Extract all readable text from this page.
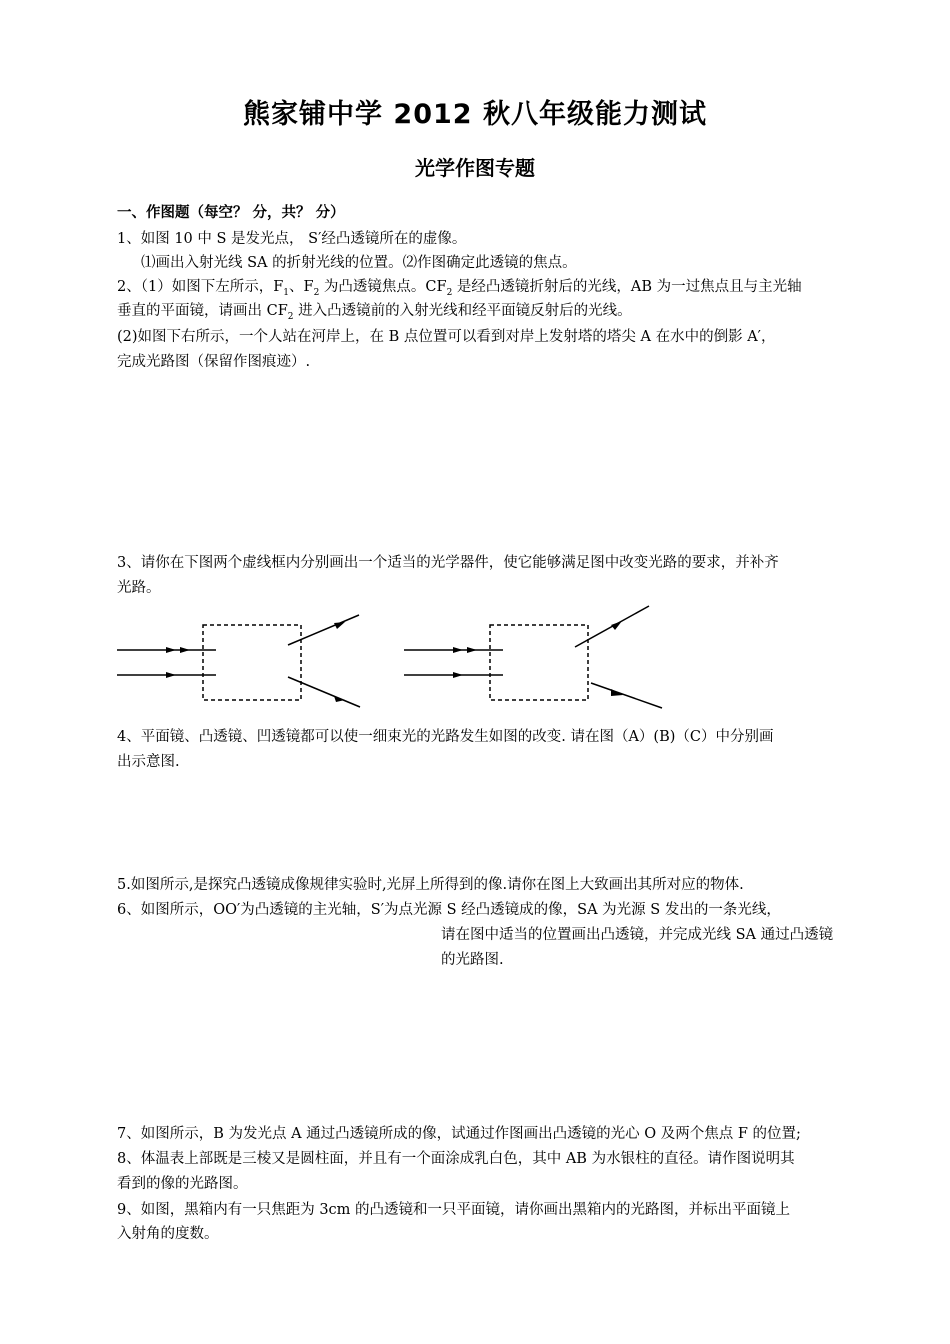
熊家铺中学 2012 秋八年级能力测试
光学作图专题
一、作图题（每空？ 分，共？ 分）
1、如图 10 中 S 是发光点， S′经凸透镜所在的虚像。
⑴画出入射光线 SA 的折射光线的位置。⑵作图确定此透镜的焦点。
2、（1）如图下左所示，$F_1$、$F_2$ 为凸透镜焦点。$CF_2$ 是经凸透镜折射后的光线，AB 为一过焦点且与主光轴
垂直的平面镜，请画出 $CF_2$ 进入凸透镜前的入射光线和经平面镜反射后的光线。
(2)如图下右所示，一个人站在河岸上，在 B 点位置可以看到对岸上发射塔的塔尖 A 在水中的倒影 A′，
完成光路图（保留作图痕迹）.
3、请你在下图两个虚线框内分别画出一个适当的光学器件，使它能够满足图中改变光路的要求，并补齐
光路。
4、平面镜、凸透镜、凹透镜都可以使一细束光的光路发生如图的改变. 请在图（A）(B)（C）中分别画
出示意图.
5.如图所示,是探究凸透镜成像规律实验时,光屏上所得到的像.请你在图上大致画出其所对应的物体.
6、如图所示，OO′为凸透镜的主光轴，S′为点光源 S 经凸透镜成的像，SA 为光源 S 发出的一条光线，
请在图中适当的位置画出凸透镜，并完成光线 SA 通过凸透镜
的光路图.
7、如图所示，B 为发光点 A 通过凸透镜所成的像，试通过作图画出凸透镜的光心 O 及两个焦点 F 的位置;
8、体温表上部既是三棱又是圆柱面，并且有一个面涂成乳白色，其中 AB 为水银柱的直径。请作图说明其
看到的像的光路图。
9、如图，黑箱内有一只焦距为 3cm 的凸透镜和一只平面镜，请你画出黑箱内的光路图，并标出平面镜上
入射角的度数。
